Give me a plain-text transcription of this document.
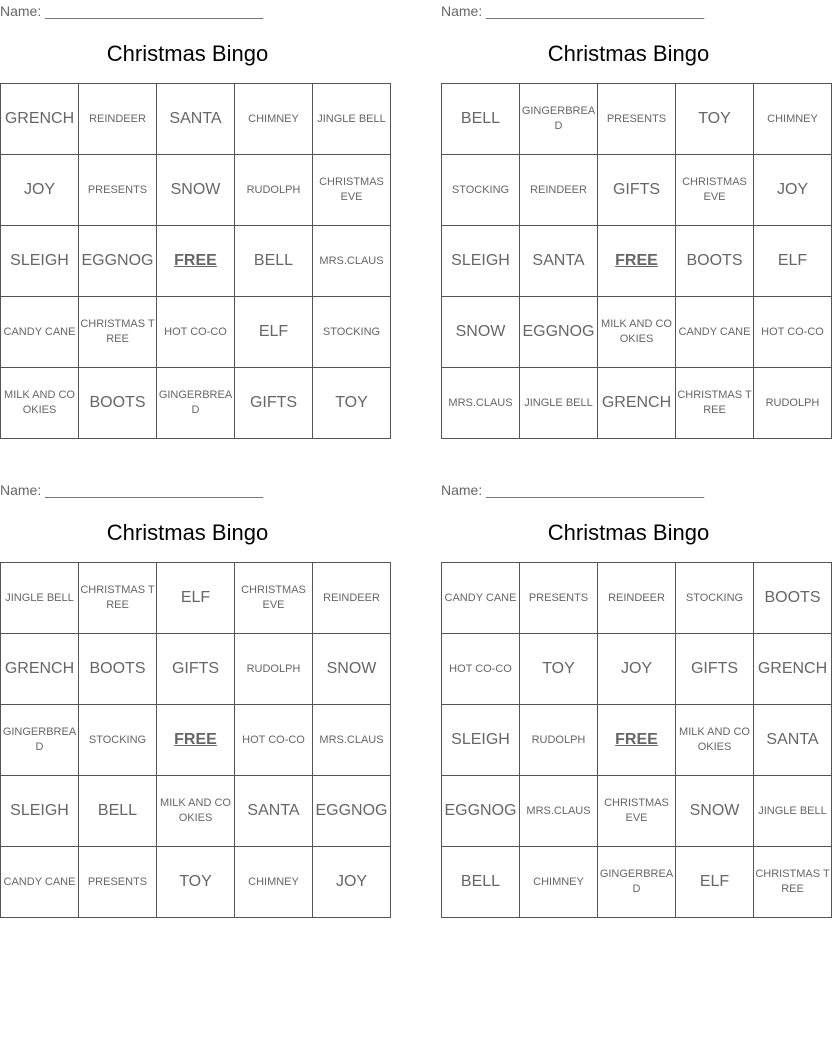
Name: ____________________________
Christmas Bingo
GRENCH	REINDEER	SANTA	CHIMNEY	JINGLE BELL
JOY	PRESENTS	SNOW	RUDOLPH	CHRISTMAS EVE
SLEIGH	EGGNOG	FREE	BELL	MRS.CLAUS
CANDY CANE	CHRISTMAS TREE	HOT CO-CO	ELF	STOCKING
MILK AND COOKIES	BOOTS	GINGERBREAD	GIFTS	TOY
Name: ____________________________
Christmas Bingo
BELL	GINGERBREAD	PRESENTS	TOY	CHIMNEY
STOCKING	REINDEER	GIFTS	CHRISTMAS EVE	JOY
SLEIGH	SANTA	FREE	BOOTS	ELF
SNOW	EGGNOG	MILK AND COOKIES	CANDY CANE	HOT CO-CO
MRS.CLAUS	JINGLE BELL	GRENCH	CHRISTMAS TREE	RUDOLPH
Name: ____________________________
Christmas Bingo
JINGLE BELL	CHRISTMAS TREE	ELF	CHRISTMAS EVE	REINDEER
GRENCH	BOOTS	GIFTS	RUDOLPH	SNOW
GINGERBREAD	STOCKING	FREE	HOT CO-CO	MRS.CLAUS
SLEIGH	BELL	MILK AND COOKIES	SANTA	EGGNOG
CANDY CANE	PRESENTS	TOY	CHIMNEY	JOY
Name: ____________________________
Christmas Bingo
CANDY CANE	PRESENTS	REINDEER	STOCKING	BOOTS
HOT CO-CO	TOY	JOY	GIFTS	GRENCH
SLEIGH	RUDOLPH	FREE	MILK AND COOKIES	SANTA
EGGNOG	MRS.CLAUS	CHRISTMAS EVE	SNOW	JINGLE BELL
BELL	CHIMNEY	GINGERBREAD	ELF	CHRISTMAS TREE
